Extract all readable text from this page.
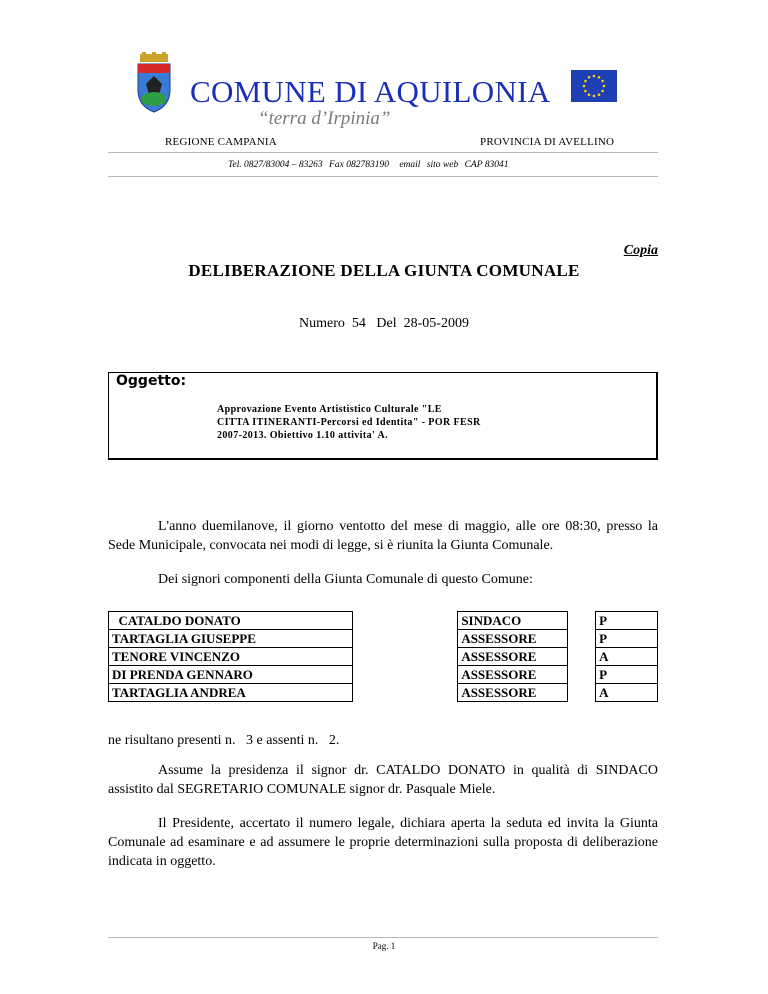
COMUNE DI AQUILONIA
“terra d’Irpinia”
REGIONE CAMPANIA	PROVINCIA DI AVELLINO
Tel. 0827/83004 – 83263 Fax 082783190 email sito web CAP 83041
Copia
DELIBERAZIONE DELLA GIUNTA COMUNALE
Numero  54   Del  28-05-2009
Oggetto:
Approvazione Evento Artististico Culturale "LE
CITTA ITINERANTI-Percorsi ed Identita" - POR FESR
2007-2013. Obiettivo 1.10 attivita' A.
L'anno duemilanove, il giorno ventotto del mese di maggio, alle ore 08:30, presso la Sede Municipale, convocata nei modi di legge, si è riunita la Giunta Comunale.
Dei signori componenti della Giunta Comunale di questo Comune:
CATALDO DONATO		SINDACO		P
TARTAGLIA GIUSEPPE		ASSESSORE		P
TENORE VINCENZO		ASSESSORE		A
DI PRENDA GENNARO		ASSESSORE		P
TARTAGLIA ANDREA		ASSESSORE		A
ne risultano presenti n.   3 e assenti n.   2.
Assume la presidenza il signor dr. CATALDO DONATO in qualità di SINDACO assistito dal SEGRETARIO COMUNALE signor dr. Pasquale Miele.
Il Presidente, accertato il numero legale, dichiara aperta la seduta ed invita la Giunta Comunale ad esaminare e ad assumere le proprie determinazioni sulla proposta di deliberazione indicata in oggetto.
Pag. 1
